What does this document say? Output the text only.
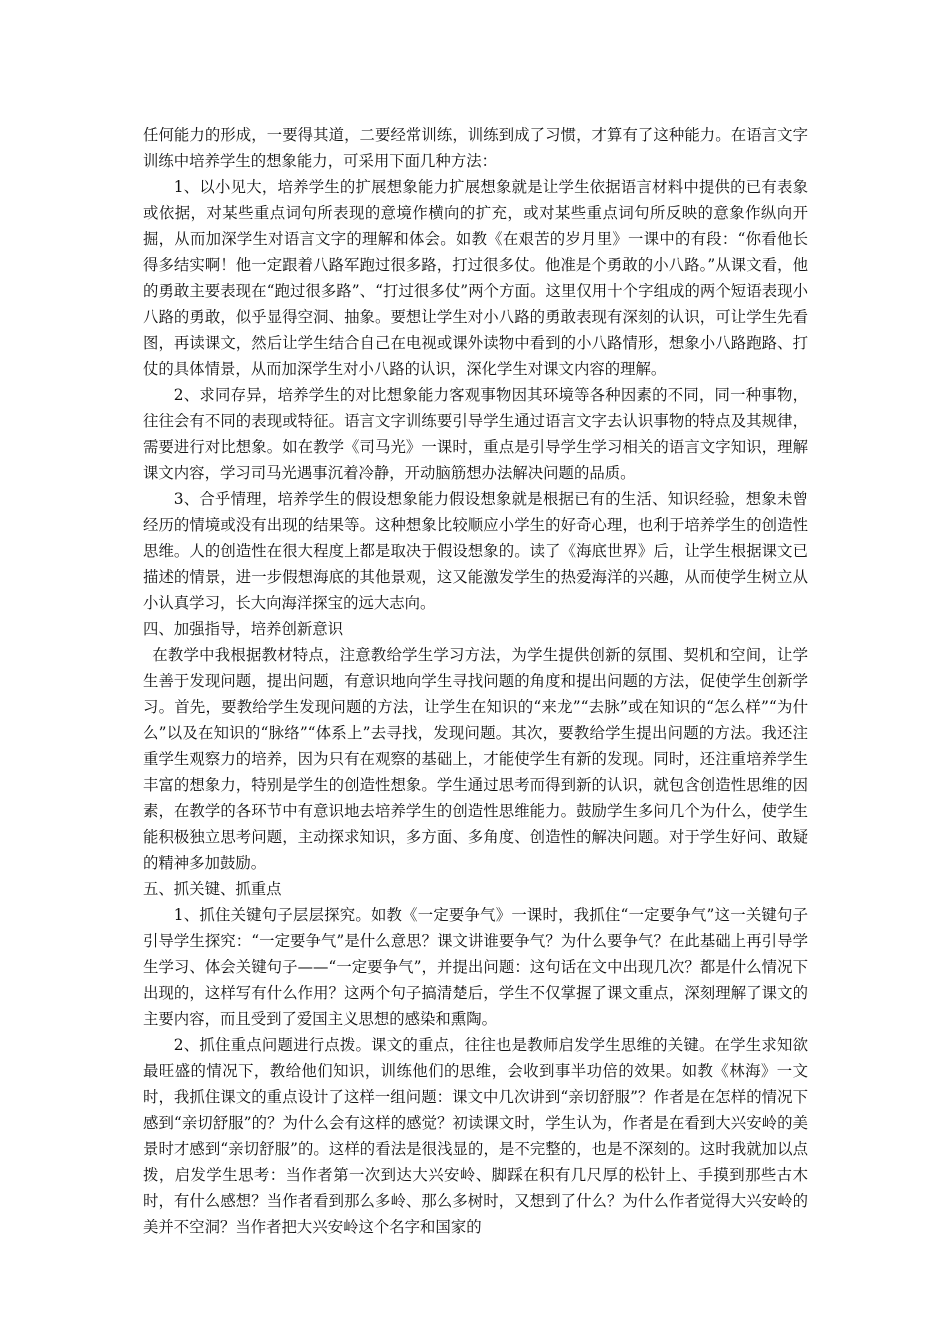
任何能力的形成，一要得其道，二要经常训练，训练到成了习惯，才算有了这种能力。在语言文字训练中培养学生的想象能力，可采用下面几种方法：

1、以小见大，培养学生的扩展想象能力扩展想象就是让学生依据语言材料中提供的已有表象或依据，对某些重点词句所表现的意境作横向的扩充，或对某些重点词句所反映的意象作纵向开掘，从而加深学生对语言文字的理解和体会。如教《在艰苦的岁月里》一课中的有段：“你看他长得多结实啊！他一定跟着八路军跑过很多路，打过很多仗。他准是个勇敢的小八路。”从课文看，他的勇敢主要表现在“跑过很多路”、“打过很多仗”两个方面。这里仅用十个字组成的两个短语表现小八路的勇敢，似乎显得空洞、抽象。要想让学生对小八路的勇敢表现有深刻的认识，可让学生先看图，再读课文，然后让学生结合自己在电视或课外读物中看到的小八路情形，想象小八路跑路、打仗的具体情景，从而加深学生对小八路的认识，深化学生对课文内容的理解。

2、求同存异，培养学生的对比想象能力客观事物因其环境等各种因素的不同，同一种事物，往往会有不同的表现或特征。语言文字训练要引导学生通过语言文字去认识事物的特点及其规律，需要进行对比想象。如在教学《司马光》一课时，重点是引导学生学习相关的语言文字知识，理解课文内容，学习司马光遇事沉着冷静，开动脑筋想办法解决问题的品质。

3、合乎情理，培养学生的假设想象能力假设想象就是根据已有的生活、知识经验，想象未曾经历的情境或没有出现的结果等。这种想象比较顺应小学生的好奇心理，也利于培养学生的创造性思维。人的创造性在很大程度上都是取决于假设想象的。读了《海底世界》后，让学生根据课文已描述的情景，进一步假想海底的其他景观，这又能激发学生的热爱海洋的兴趣，从而使学生树立从小认真学习，长大向海洋探宝的远大志向。

四、加强指导，培养创新意识

在教学中我根据教材特点，注意教给学生学习方法，为学生提供创新的氛围、契机和空间，让学生善于发现问题，提出问题，有意识地向学生寻找问题的角度和提出问题的方法，促使学生创新学习。首先，要教给学生发现问题的方法，让学生在知识的“来龙”“去脉”或在知识的“怎么样”“为什么”以及在知识的“脉络”“体系上”去寻找，发现问题。其次，要教给学生提出问题的方法。我还注重学生观察力的培养，因为只有在观察的基础上，才能使学生有新的发现。同时，还注重培养学生丰富的想象力，特别是学生的创造性想象。学生通过思考而得到新的认识，就包含创造性思维的因素，在教学的各环节中有意识地去培养学生的创造性思维能力。鼓励学生多问几个为什么，使学生能积极独立思考问题，主动探求知识，多方面、多角度、创造性的解决问题。对于学生好问、敢疑的精神多加鼓励。

五、抓关键、抓重点

1、抓住关键句子层层探究。如教《一定要争气》一课时，我抓住“一定要争气”这一关键句子引导学生探究：“一定要争气”是什么意思？课文讲谁要争气？为什么要争气？在此基础上再引导学生学习、体会关键句子——“一定要争气”，并提出问题：这句话在文中出现几次？都是什么情况下出现的，这样写有什么作用？这两个句子搞清楚后，学生不仅掌握了课文重点，深刻理解了课文的主要内容，而且受到了爱国主义思想的感染和熏陶。

2、抓住重点问题进行点拨。课文的重点，往往也是教师启发学生思维的关键。在学生求知欲最旺盛的情况下，教给他们知识，训练他们的思维，会收到事半功倍的效果。如教《林海》一文时，我抓住课文的重点设计了这样一组问题：课文中几次讲到“亲切舒服”？作者是在怎样的情况下感到“亲切舒服”的？为什么会有这样的感觉？初读课文时，学生认为，作者是在看到大兴安岭的美景时才感到“亲切舒服”的。这样的看法是很浅显的，是不完整的，也是不深刻的。这时我就加以点拨，启发学生思考：当作者第一次到达大兴安岭、脚踩在积有几尺厚的松针上、手摸到那些古木时，有什么感想？当作者看到那么多岭、那么多树时，又想到了什么？为什么作者觉得大兴安岭的美并不空洞？当作者把大兴安岭这个名字和国家的
